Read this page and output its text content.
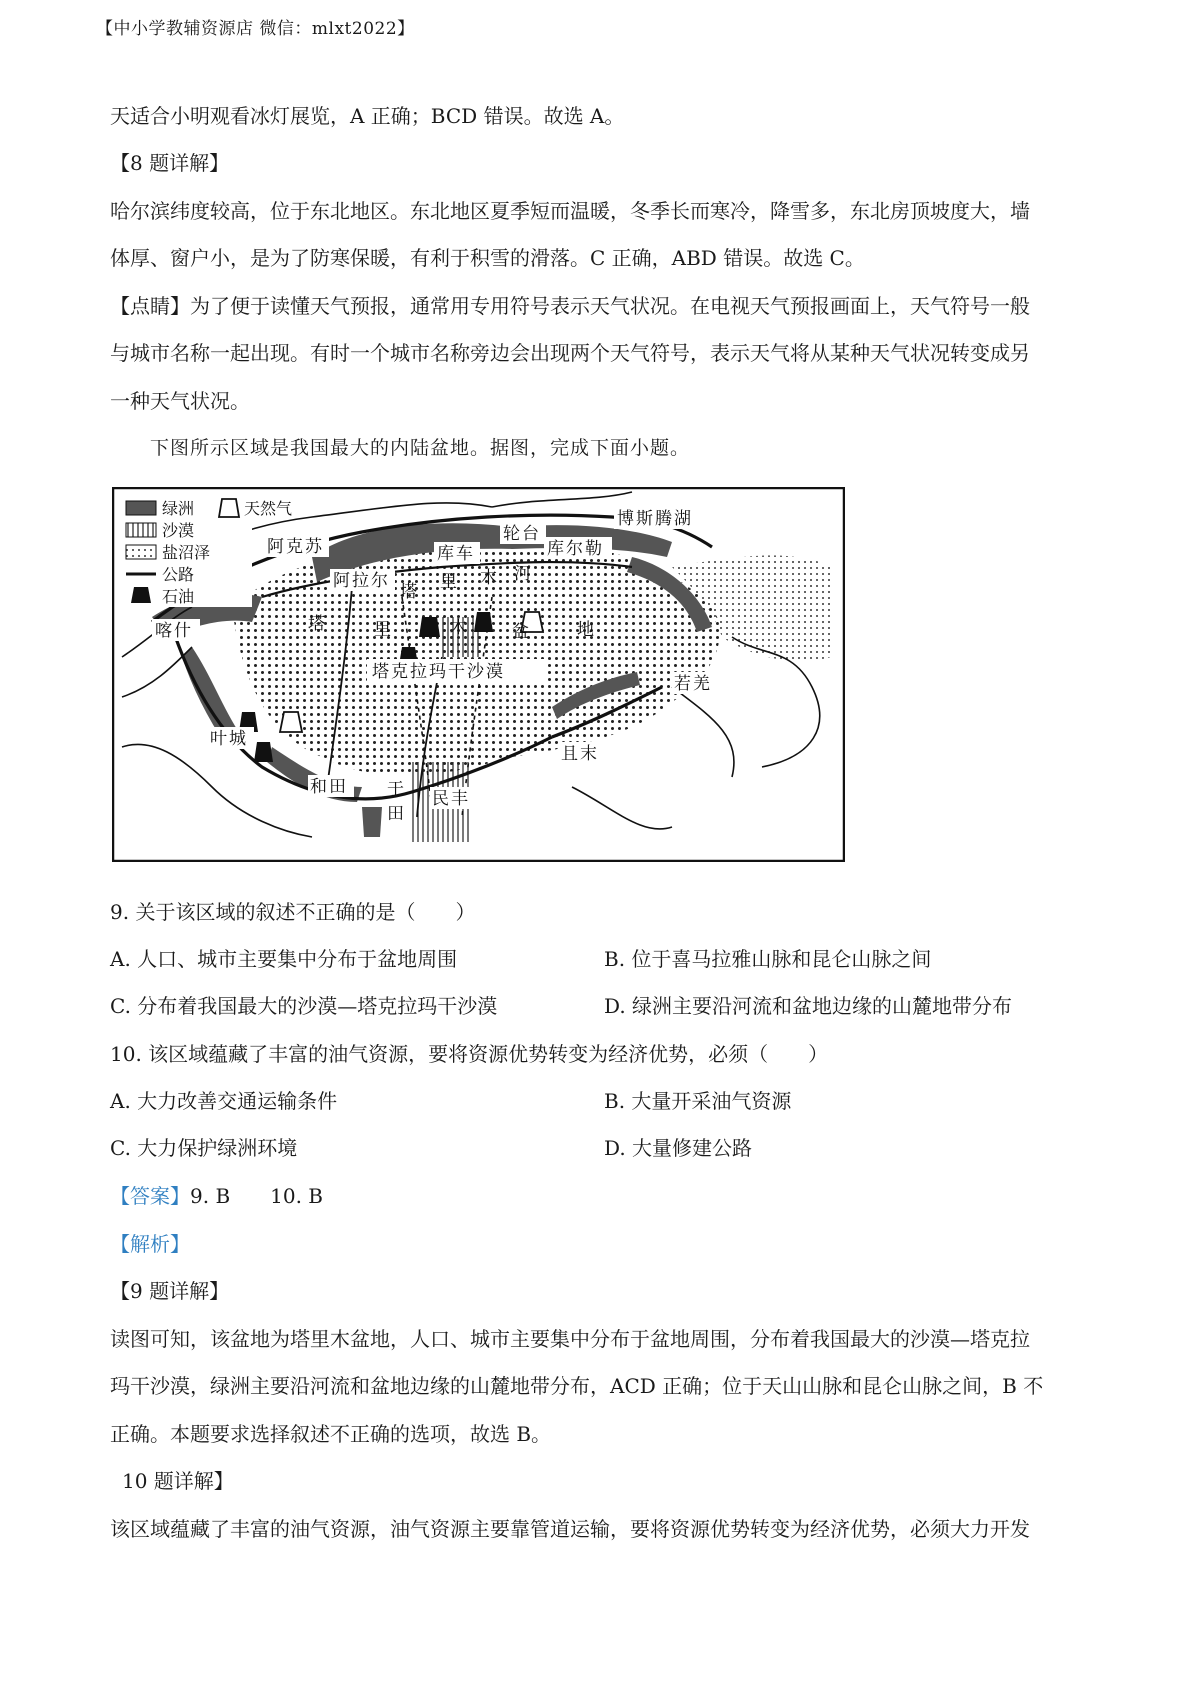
【中小学教辅资源店 微信：mlxt2022】
天适合小明观看冰灯展览，A 正确；BCD 错误。故选 A。
【8 题详解】
哈尔滨纬度较高，位于东北地区。东北地区夏季短而温暖，冬季长而寒冷，降雪多，东北房顶坡度大，墙
体厚、窗户小，是为了防寒保暖，有利于积雪的滑落。C 正确，ABD 错误。故选 C。
【点睛】为了便于读懂天气预报，通常用专用符号表示天气状况。在电视天气预报画面上，天气符号一般
与城市名称一起出现。有时一个城市名称旁边会出现两个天气符号，表示天气将从某种天气状况转变成另
一种天气状况。
下图所示区域是我国最大的内陆盆地。据图，完成下面小题。
绿洲	天然气
沙漠
盐沼泽
公路
石油
阿克苏	库车
轮台
库尔勒
博斯腾湖
阿拉尔
塔 里 木 河
喀什	塔	里	木	盆	地
塔克拉玛干沙漠
若羌
叶城
且末
和田 于
田
民丰
9. 关于该区域的叙述不正确的是（　　）
A. 人口、城市主要集中分布于盆地周围	B. 位于喜马拉雅山脉和昆仑山脉之间
C. 分布着我国最大的沙漠—塔克拉玛干沙漠	D. 绿洲主要沿河流和盆地边缘的山麓地带分布
10. 该区域蕴藏了丰富的油气资源，要将资源优势转变为经济优势，必须（　　）
A. 大力改善交通运输条件	B. 大量开采油气资源
C. 大力保护绿洲环境	D. 大量修建公路
【答案】9. B　　10. B
【解析】
【9 题详解】
读图可知，该盆地为塔里木盆地，人口、城市主要集中分布于盆地周围，分布着我国最大的沙漠—塔克拉
玛干沙漠，绿洲主要沿河流和盆地边缘的山麓地带分布，ACD 正确；位于天山山脉和昆仑山脉之间，B 不
正确。本题要求选择叙述不正确的选项，故选 B。
10 题详解】
该区域蕴藏了丰富的油气资源，油气资源主要靠管道运输，要将资源优势转变为经济优势，必须大力开发
